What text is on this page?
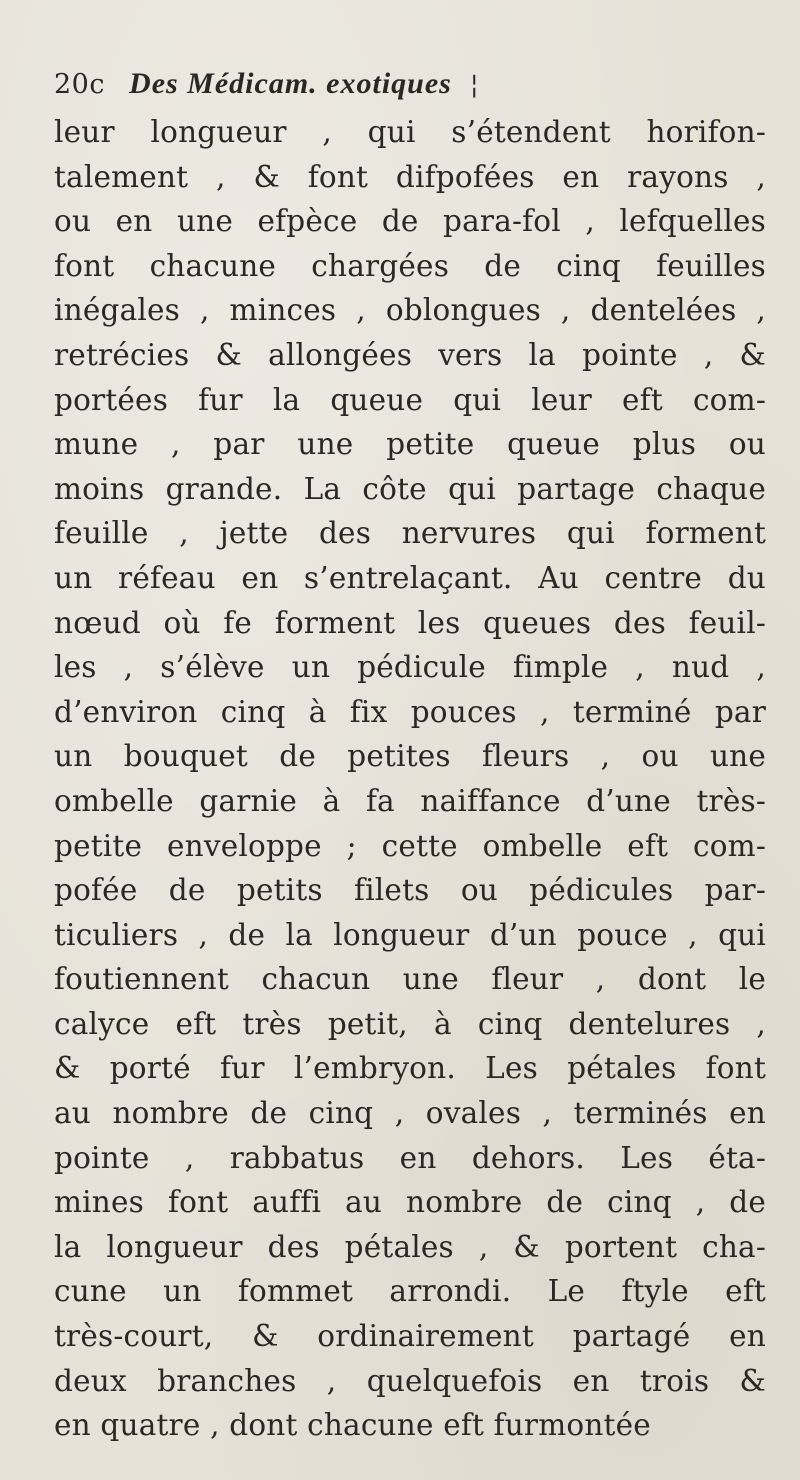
20c Des Médicam. exotiques ¦
leur longueur , qui s’étendent horifon-
talement , & font difpofées en rayons ,
ou en une efpèce de para-fol , lefquelles
font chacune chargées de cinq feuilles
inégales , minces , oblongues , dentelées ,
retrécies & allongées vers la pointe , &
portées fur la queue qui leur eft com-
mune , par une petite queue plus ou
moins grande. La côte qui partage chaque
feuille , jette des nervures qui forment
un réfeau en s’entrelaçant. Au centre du
nœud où fe forment les queues des feuil-
les , s’élève un pédicule fimple , nud ,
d’environ cinq à fix pouces , terminé par
un bouquet de petites fleurs , ou une
ombelle garnie à fa naiffance d’une très-
petite enveloppe ; cette ombelle eft com-
pofée de petits filets ou pédicules par-
ticuliers , de la longueur d’un pouce , qui
foutiennent chacun une fleur , dont le
calyce eft très petit, à cinq dentelures ,
& porté fur l’embryon. Les pétales font
au nombre de cinq , ovales , terminés en
pointe , rabbatus en dehors. Les éta-
mines font auffi au nombre de cinq , de
la longueur des pétales , & portent cha-
cune un fommet arrondi. Le ftyle eft
très-court, & ordinairement partagé en
deux branches , quelquefois en trois &
en quatre , dont chacune eft furmontée
